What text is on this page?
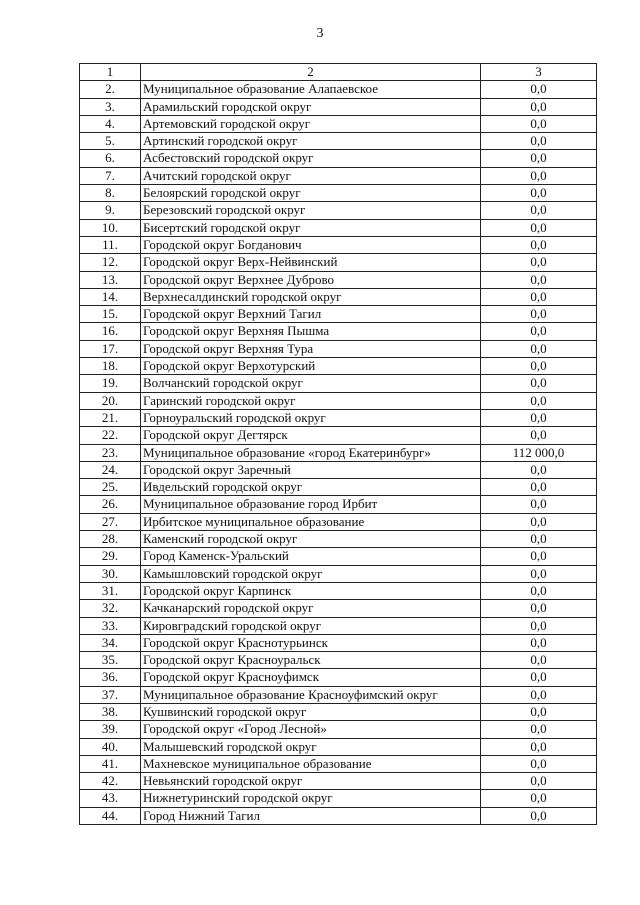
3
1	2	3
2.	Муниципальное образование Алапаевское	0,0
3.	Арамильский городской округ	0,0
4.	Артемовский городской округ	0,0
5.	Артинский городской округ	0,0
6.	Асбестовский городской округ	0,0
7.	Ачитский городской округ	0,0
8.	Белоярский городской округ	0,0
9.	Березовский городской округ	0,0
10.	Бисертский городской округ	0,0
11.	Городской округ Богданович	0,0
12.	Городской округ Верх-Нейвинский	0,0
13.	Городской округ Верхнее Дуброво	0,0
14.	Верхнесалдинский городской округ	0,0
15.	Городской округ Верхний Тагил	0,0
16.	Городской округ Верхняя Пышма	0,0
17.	Городской округ Верхняя Тура	0,0
18.	Городской округ Верхотурский	0,0
19.	Волчанский городской округ	0,0
20.	Гаринский городской округ	0,0
21.	Горноуральский городской округ	0,0
22.	Городской округ Дегтярск	0,0
23.	Муниципальное образование «город Екатеринбург»	112 000,0
24.	Городской округ Заречный	0,0
25.	Ивдельский городской округ	0,0
26.	Муниципальное образование город Ирбит	0,0
27.	Ирбитское муниципальное образование	0,0
28.	Каменский городской округ	0,0
29.	Город Каменск-Уральский	0,0
30.	Камышловский городской округ	0,0
31.	Городской округ Карпинск	0,0
32.	Качканарский городской округ	0,0
33.	Кировградский городской округ	0,0
34.	Городской округ Краснотурьинск	0,0
35.	Городской округ Красноуральск	0,0
36.	Городской округ Красноуфимск	0,0
37.	Муниципальное образование Красноуфимский округ	0,0
38.	Кушвинский городской округ	0,0
39.	Городской округ «Город Лесной»	0,0
40.	Малышевский городской округ	0,0
41.	Махневское муниципальное образование	0,0
42.	Невьянский городской округ	0,0
43.	Нижнетуринский городской округ	0,0
44.	Город Нижний Тагил	0,0
